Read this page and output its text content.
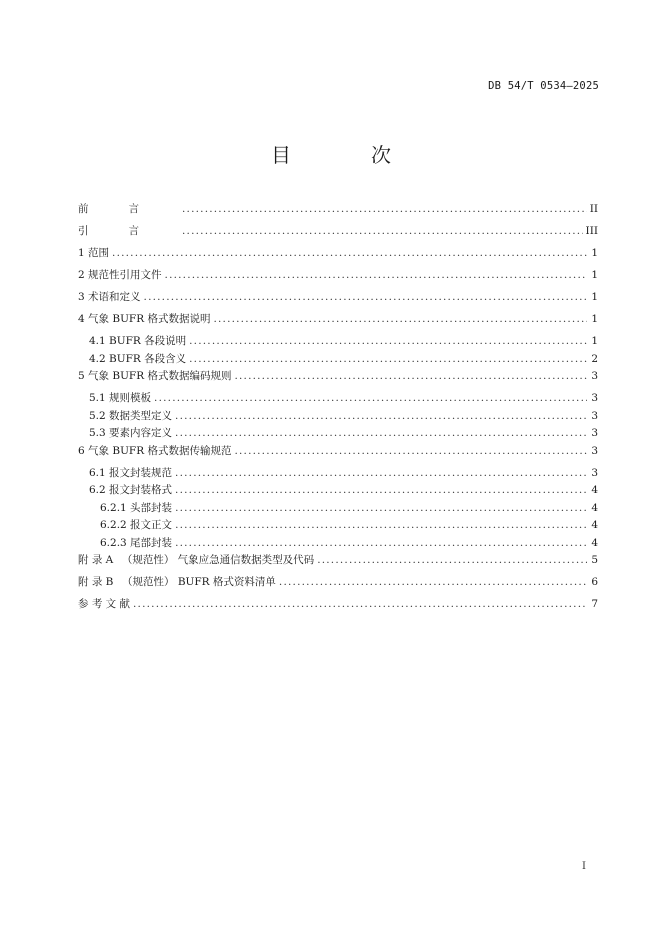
DB 54/T 0534—2025
目　次
前言 .....	II
引言 .....	III
1 范围 .....	1
2 规范性引用文件 .....	1
3 术语和定义 .....	1
4 气象 BUFR 格式数据说明 .....	1
4.1 BUFR 各段说明 .....	1
4.2 BUFR 各段含义 .....	2
5 气象 BUFR 格式数据编码规则 .....	3
5.1 规则模板 .....	3
5.2 数据类型定义 .....	3
5.3 要素内容定义 .....	3
6 气象 BUFR 格式数据传输规范 .....	3
6.1 报文封装规范 .....	3
6.2 报文封装格式 .....	4
6.2.1 头部封装 .....	4
6.2.2 报文正文 .....	4
6.2.3 尾部封装 .....	4
附 录 A 　（规范性） 气象应急通信数据类型及代码 .....	5
附 录 B 　（规范性） BUFR 格式资料清单 .....	6
参 考 文 献 .....	7
I
